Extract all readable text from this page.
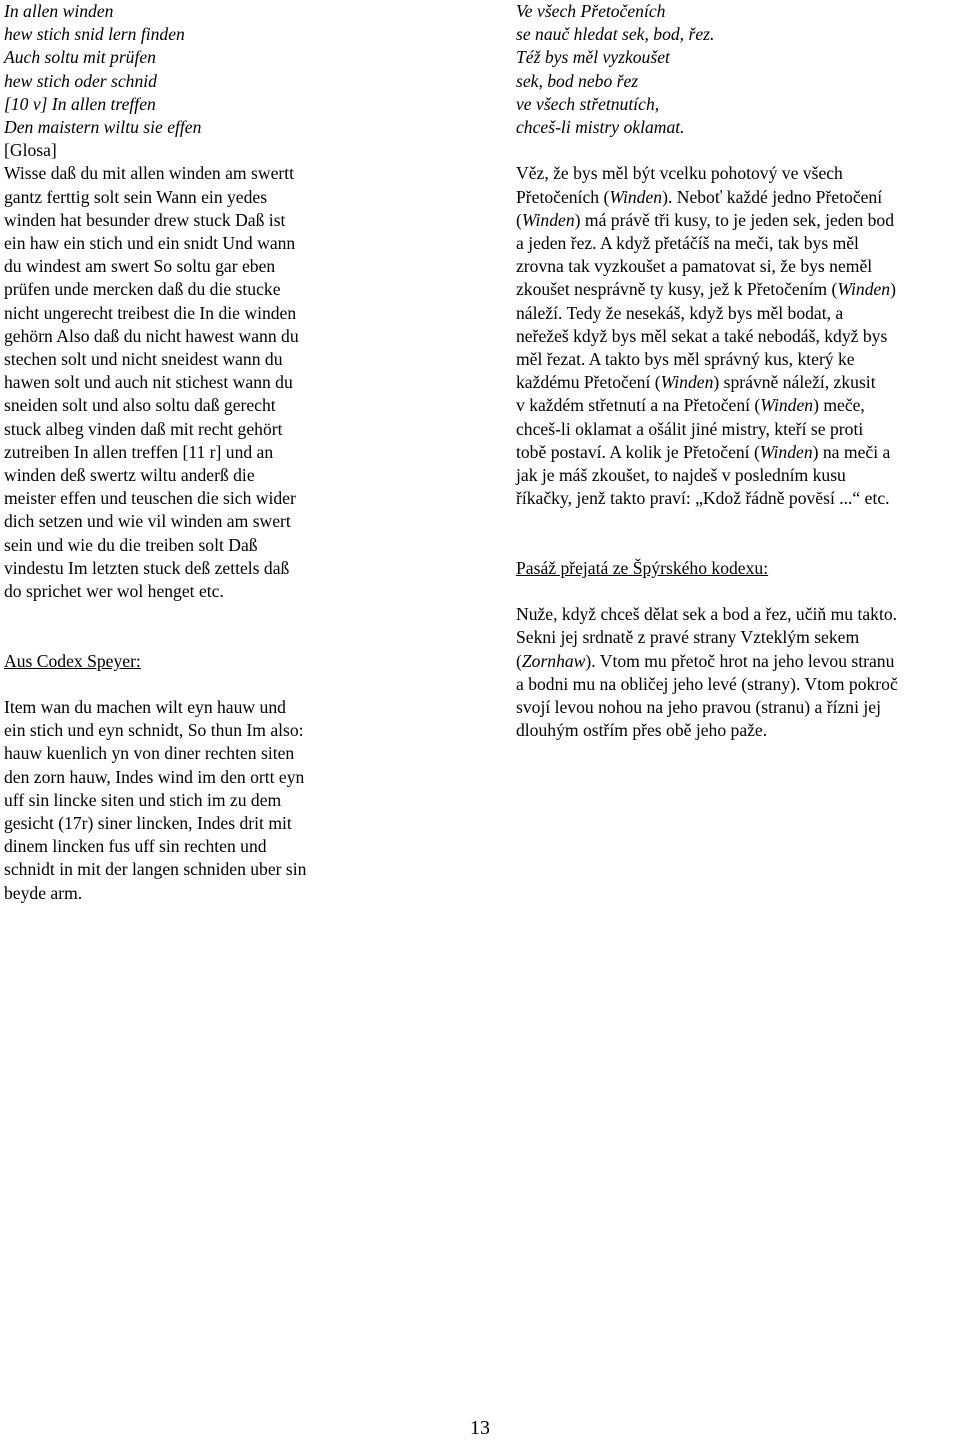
In allen winden
hew stich snid lern finden
Auch soltu mit prüfen
hew stich oder schnid
[10 v] In allen treffen
Den maistern wiltu sie effen
[Glosa]
Wisse daß du mit allen winden am swertt
gantz ferttig solt sein Wann ein yedes
winden hat besunder drew stuck Daß ist
ein haw ein stich und ein snidt Und wann
du windest am swert So soltu gar eben
prüfen unde mercken daß du die stucke
nicht ungerecht treibest die In die winden
gehörn Also daß du nicht hawest wann du
stechen solt und nicht sneidest wann du
hawen solt und auch nit stichest wann du
sneiden solt und also soltu daß gerecht
stuck albeg vinden daß mit recht gehört
zutreiben In allen treffen [11 r] und an
winden deß swertz wiltu anderß die
meister effen und teuschen die sich wider
dich setzen und wie vil winden am swert
sein und wie du die treiben solt Daß
vindestu Im letzten stuck deß zettels daß
do sprichet wer wol henget etc.
Aus Codex Speyer:
Item wan du machen wilt eyn hauw und
ein stich und eyn schnidt, So thun Im also:
hauw kuenlich yn von diner rechten siten
den zorn hauw, Indes wind im den ortt eyn
uff sin lincke siten und stich im zu dem
gesicht (17r) siner lincken, Indes drit mit
dinem lincken fus uff sin rechten und
schnidt in mit der langen schniden uber sin
beyde arm.
Ve všech Přetočeních
se nauč hledat sek, bod, řez.
Též bys měl vyzkoušet
sek, bod nebo řez
ve všech střetnutích,
chceš-li mistry oklamat.
Věz, že bys měl být vcelku pohotový ve všech
Přetočeních (Winden). Neboť každé jedno Přetočení
(Winden) má právě tři kusy, to je jeden sek, jeden bod
a jeden řez. A když přetáčíš na meči, tak bys měl
zrovna tak vyzkoušet a pamatovat si, že bys neměl
zkoušet nesprávně ty kusy, jež k Přetočením (Winden)
náleží. Tedy že nesekáš, když bys měl bodat, a
neřežeš když bys měl sekat a také nebodáš, když bys
měl řezat. A takto bys měl správný kus, který ke
každému Přetočení (Winden) správně náleží, zkusit
v každém střetnutí a na Přetočení (Winden) meče,
chceš-li oklamat a ošálit jiné mistry, kteří se proti
tobě postaví. A kolik je Přetočení (Winden) na meči a
jak je máš zkoušet, to najdeš v posledním kusu
říkačky, jenž takto praví: „Kdož řádně povĕsí ...“ etc.
Pasáž přejatá ze Špýrského kodexu:
Nuže, když chceš dělat sek a bod a řez, učiň mu takto.
Sekni jej srdnatě z pravé strany Vzteklým sekem
(Zornhaw). Vtom mu přetoč hrot na jeho levou stranu
a bodni mu na obličej jeho levé (strany). Vtom pokroč
svojí levou nohou na jeho pravou (stranu) a řízni jej
dlouhým ostřím přes obě jeho paže.
13
